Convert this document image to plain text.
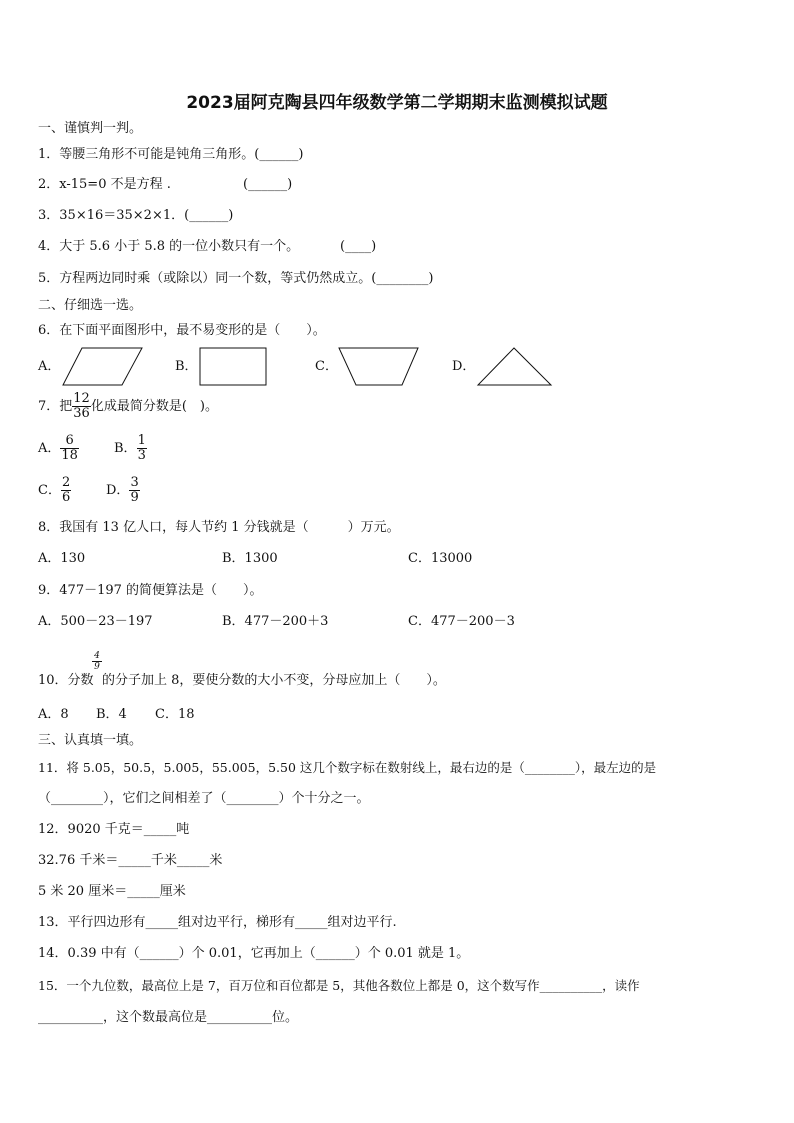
2023届阿克陶县四年级数学第二学期期末监测模拟试题
一、谨慎判一判。
1．等腰三角形不可能是钝角三角形。(______)
2．x-15=0 不是方程 .	(______)
3．35×16＝35×2×1．(______)
4．大于 5.6 小于 5.8 的一位小数只有一个。	(____)
5．方程两边同时乘（或除以）同一个数，等式仍然成立。(________)
二、仔细选一选。
6．在下面平面图形中，最不易变形的是（　　）。
A．	B．	C．	D．
7．把 $\frac{12}{36}$ 化成最简分数是(　)。
A． $\frac{6}{18}$	B． $\frac{1}{3}$
C． $\frac{2}{6}$	D． $\frac{3}{9}$
8．我国有 13 亿人口，每人节约 1 分钱就是（　　　）万元。
A．130	B．1300	C．13000
9．477－197 的简便算法是（　　）。
A．500－23－197	B．477－200＋3	C．477－200－3
$\frac{4}{9}$
10．分数 的分子加上 8，要使分数的大小不变，分母应加上（　　）。
A．8 B．4 C．18
三、认真填一填。
11．将 5.05，50.5，5.005，55.005，5.50 这几个数字标在数射线上，最右边的是（________），最左边的是
（________），它们之间相差了（________）个十分之一。
12．9020 千克＝_____吨
32.76 千米＝_____千米_____米
5 米 20 厘米＝_____厘米
13．平行四边形有_____组对边平行，梯形有_____组对边平行.
14．0.39 中有（______）个 0.01，它再加上（______）个 0.01 就是 1。
15．一个九位数，最高位上是 7，百万位和百位都是 5，其他各数位上都是 0，这个数写作__________，读作
__________，这个数最高位是__________位。
